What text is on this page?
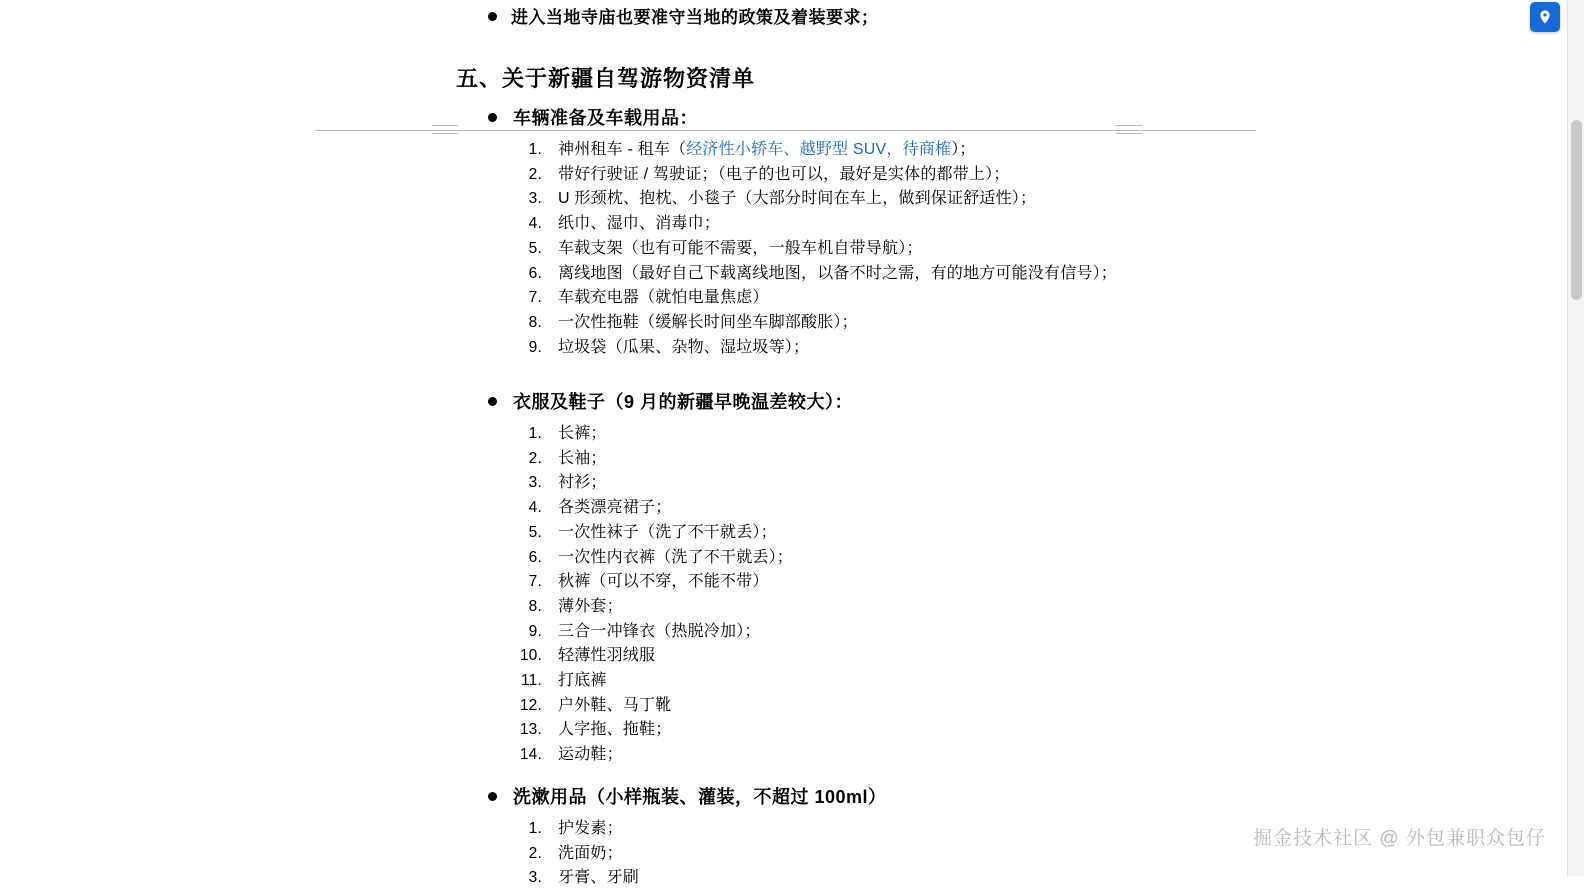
进入当地寺庙也要准守当地的政策及着装要求；
五、关于新疆自驾游物资清单
车辆准备及车载用品：
1. 神州租车 - 租车（经济性小轿车、越野型 SUV，待商榷）；
2. 带好行驶证 / 驾驶证；（电子的也可以，最好是实体的都带上）；
3. U 形颈枕、抱枕、小毯子（大部分时间在车上，做到保证舒适性）；
4. 纸巾、湿巾、消毒巾；
5. 车载支架（也有可能不需要，一般车机自带导航）；
6. 离线地图（最好自己下载离线地图，以备不时之需，有的地方可能没有信号）；
7. 车载充电器（就怕电量焦虑）
8. 一次性拖鞋（缓解长时间坐车脚部酸胀）；
9. 垃圾袋（瓜果、杂物、湿垃圾等）；
衣服及鞋子（9 月的新疆早晚温差较大）：
1. 长裤；
2. 长袖；
3. 衬衫；
4. 各类漂亮裙子；
5. 一次性袜子（洗了不干就丢）；
6. 一次性内衣裤（洗了不干就丢）；
7. 秋裤（可以不穿，不能不带）
8. 薄外套；
9. 三合一冲锋衣（热脱冷加）；
10. 轻薄性羽绒服
11. 打底裤
12. 户外鞋、马丁靴
13. 人字拖、拖鞋；
14. 运动鞋；
洗漱用品（小样瓶装、灌装，不超过 100ml）
1. 护发素；
2. 洗面奶；
3. 牙膏、牙刷
掘金技术社区 @ 外包兼职众包仔
